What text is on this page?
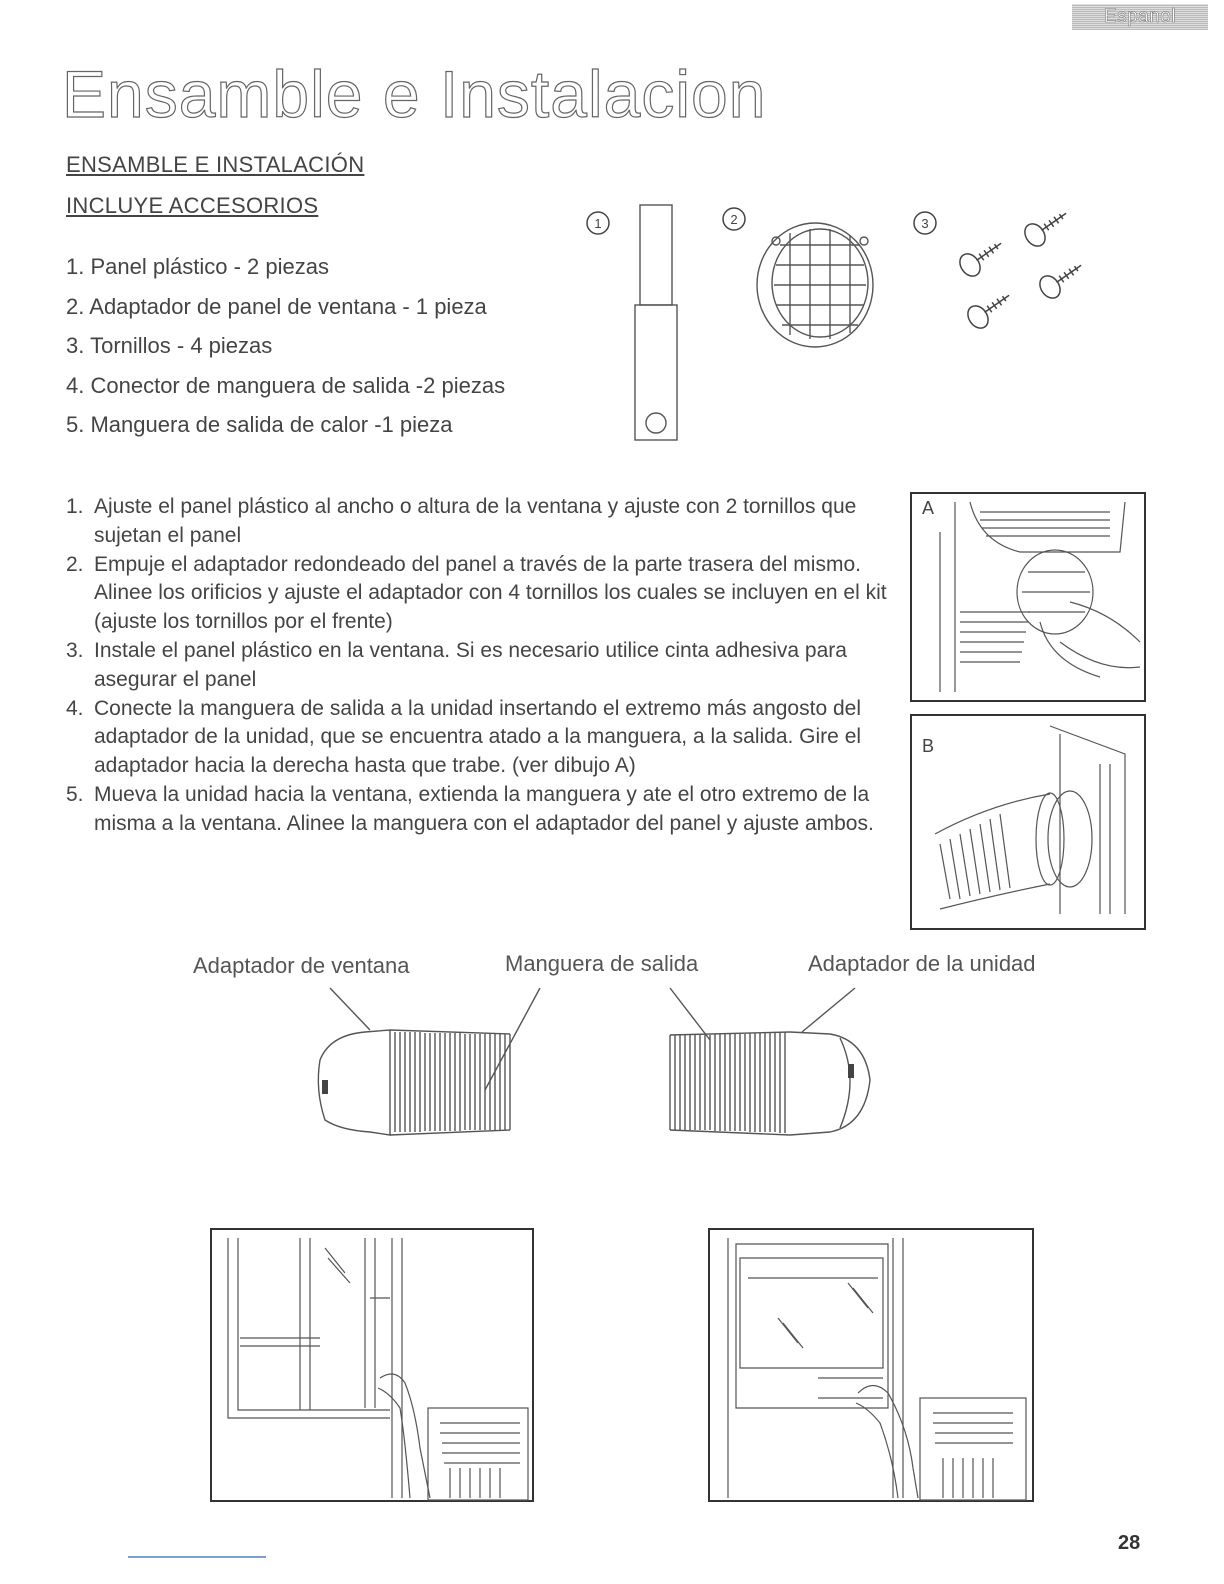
Espanol
Ensamble e Instalacion
ENSAMBLE E INSTALACIÓN
INCLUYE ACCESORIOS
1. Panel plástico - 2 piezas
2. Adaptador de panel de ventana - 1 pieza
3. Tornillos - 4 piezas
4. Conector de manguera de salida -2 piezas
5. Manguera de salida de calor -1 pieza
1	2	3
1. Ajuste el panel plástico al ancho o altura de la ventana y ajuste con 2 tornillos que sujetan el panel
2. Empuje el adaptador redondeado del panel a través de la parte trasera del mismo. Alinee los orificios y ajuste el adaptador con 4 tornillos los cuales se incluyen en el kit (ajuste los tornillos por el frente)
3. Instale el panel plástico en la ventana. Si es necesario utilice cinta adhesiva para asegurar el panel
4. Conecte la manguera de salida a la unidad insertando el extremo más angosto del adaptador de la unidad, que se encuentra atado a la manguera, a la salida. Gire el adaptador hacia la derecha hasta que trabe. (ver dibujo A)
5. Mueva la unidad hacia la ventana, extienda la manguera y ate el otro extremo de la misma a la ventana. Alinee la manguera con el adaptador del panel y ajuste ambos.
A
B
Adaptador de ventana	Manguera de salida	Adaptador de la unidad
28
